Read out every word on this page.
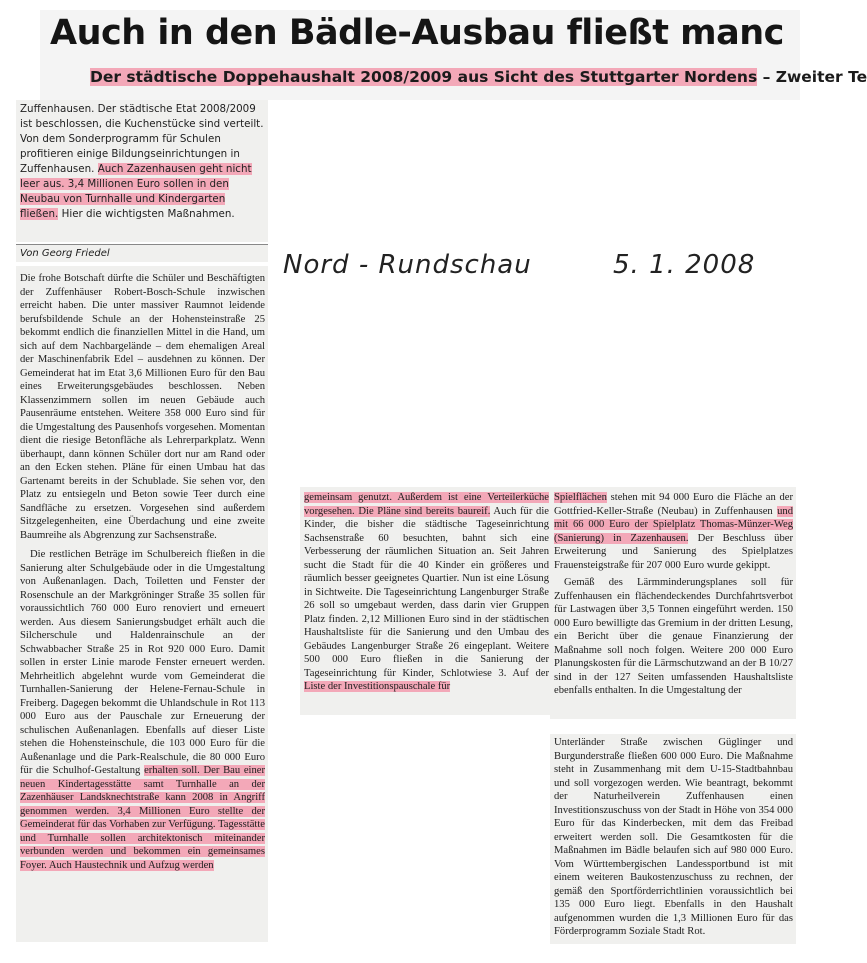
Auch in den Bädle-Ausbau fließt manc
Der städtische Doppehaushalt 2008/2009 aus Sicht des Stuttgarter Nordens – Zweiter Te

Zuffenhausen. Der städtische Etat 2008/2009 ist beschlossen, die Kuchenstücke sind verteilt. Von dem Sonderprogramm für Schulen profitieren einige Bildungseinrichtungen in Zuffenhausen. Auch Zazenhausen geht nicht leer aus. 3,4 Millionen Euro sollen in den Neubau von Turnhalle und Kindergarten fließen. Hier die wichtigsten Maßnahmen.

Von Georg Friedel	Nord - Rundschau	5. 1. 2008

Die frohe Botschaft dürfte die Schüler und Beschäftigten der Zuffenhäuser Robert-Bosch-Schule inzwischen erreicht haben. Die unter massiver Raumnot leidende berufsbildende Schule an der Hohensteinstraße 25 bekommt endlich die finanziellen Mittel in die Hand, um sich auf dem Nachbargelände – dem ehemaligen Areal der Maschinenfabrik Edel – ausdehnen zu können. Der Gemeinderat hat im Etat 3,6 Millionen Euro für den Bau eines Erweiterungsgebäudes beschlossen. Neben Klassenzimmern sollen im neuen Gebäude auch Pausenräume entstehen. Weitere 358 000 Euro sind für die Umgestaltung des Pausenhofs vorgesehen. Momentan dient die riesige Betonfläche als Lehrerparkplatz. Wenn überhaupt, dann können Schüler dort nur am Rand oder an den Ecken stehen. Pläne für einen Umbau hat das Gartenamt bereits in der Schublade. Sie sehen vor, den Platz zu entsiegeln und Beton sowie Teer durch eine Sandfläche zu ersetzen. Vorgesehen sind außerdem Sitzgelegenheiten, eine Überdachung und eine zweite Baumreihe als Abgrenzung zur Sachsenstraße.

Die restlichen Beträge im Schulbereich fließen in die Sanierung alter Schulgebäude oder in die Umgestaltung von Außenanlagen. Dach, Toiletten und Fenster der Rosenschule an der Markgröninger Straße 35 sollen für voraussichtlich 760 000 Euro renoviert und erneuert werden. Aus diesem Sanierungsbudget erhält auch die Silcherschule und Haldenrainschule an der Schwabbacher Straße 25 in Rot 920 000 Euro. Damit sollen in erster Linie marode Fenster erneuert werden. Mehrheitlich abgelehnt wurde vom Gemeinderat die Turnhallen-Sanierung der Helene-Fernau-Schule in Freiberg. Dagegen bekommt die Uhlandschule in Rot 113 000 Euro aus der Pauschale zur Erneuerung der schulischen Außenanlagen. Ebenfalls auf dieser Liste stehen die Hohensteinschule, die 103 000 Euro für die Außenanlage und die Park-Realschule, die 80 000 Euro für die Schulhof-Gestaltung erhalten soll. Der Bau einer neuen Kindertagesstätte samt Turnhalle an der Zazenhäuser Landsknechtstraße kann 2008 in Angriff genommen werden. 3,4 Millionen Euro stellte der Gemeinderat für das Vorhaben zur Verfügung. Tagesstätte und Turnhalle sollen architektonisch miteinander verbunden werden und bekommen ein gemeinsames Foyer. Auch Haustechnik und Aufzug werden

gemeinsam genutzt. Außerdem ist eine Verteilerküche vorgesehen. Die Pläne sind bereits baureif. Auch für die Kinder, die bisher die städtische Tageseinrichtung Sachsenstraße 60 besuchten, bahnt sich eine Verbesserung der räumlichen Situation an. Seit Jahren sucht die Stadt für die 40 Kinder ein größeres und räumlich besser geeignetes Quartier. Nun ist eine Lösung in Sichtweite. Die Tageseinrichtung Langenburger Straße 26 soll so umgebaut werden, dass darin vier Gruppen Platz finden. 2,12 Millionen Euro sind in der städtischen Haushaltsliste für die Sanierung und den Umbau des Gebäudes Langenburger Straße 26 eingeplant. Weitere 500 000 Euro fließen in die Sanierung der Tageseinrichtung für Kinder, Schlotwiese 3. Auf der Liste der Investitionspauschale für

Spielflächen stehen mit 94 000 Euro die Fläche an der Gottfried-Keller-Straße (Neubau) in Zuffenhausen und mit 66 000 Euro der Spielplatz Thomas-Münzer-Weg (Sanierung) in Zazenhausen. Der Beschluss über Erweiterung und Sanierung des Spielplatzes Frauensteigstraße für 207 000 Euro wurde gekippt.

Gemäß des Lärmminderungsplanes soll für Zuffenhausen ein flächendeckendes Durchfahrtsverbot für Lastwagen über 3,5 Tonnen eingeführt werden. 150 000 Euro bewilligte das Gremium in der dritten Lesung, ein Bericht über die genaue Finanzierung der Maßnahme soll noch folgen. Weitere 200 000 Euro Planungskosten für die Lärmschutzwand an der B 10/27 sind in der 127 Seiten umfassenden Haushaltsliste ebenfalls enthalten. In die Umgestaltung der

Unterländer Straße zwischen Güglinger und Burgunderstraße fließen 600 000 Euro. Die Maßnahme steht in Zusammenhang mit dem U-15-Stadtbahnbau und soll vorgezogen werden. Wie beantragt, bekommt der Naturheilverein Zuffenhausen einen Investitionszuschuss von der Stadt in Höhe von 354 000 Euro für das Kinderbecken, mit dem das Freibad erweitert werden soll. Die Gesamtkosten für die Maßnahmen im Bädle belaufen sich auf 980 000 Euro. Vom Württembergischen Landessportbund ist mit einem weiteren Baukostenzuschuss zu rechnen, der gemäß den Sportförderrichtlinien voraussichtlich bei 135 000 Euro liegt. Ebenfalls in den Haushalt aufgenommen wurden die 1,3 Millionen Euro für das Förderprogramm Soziale Stadt Rot.
